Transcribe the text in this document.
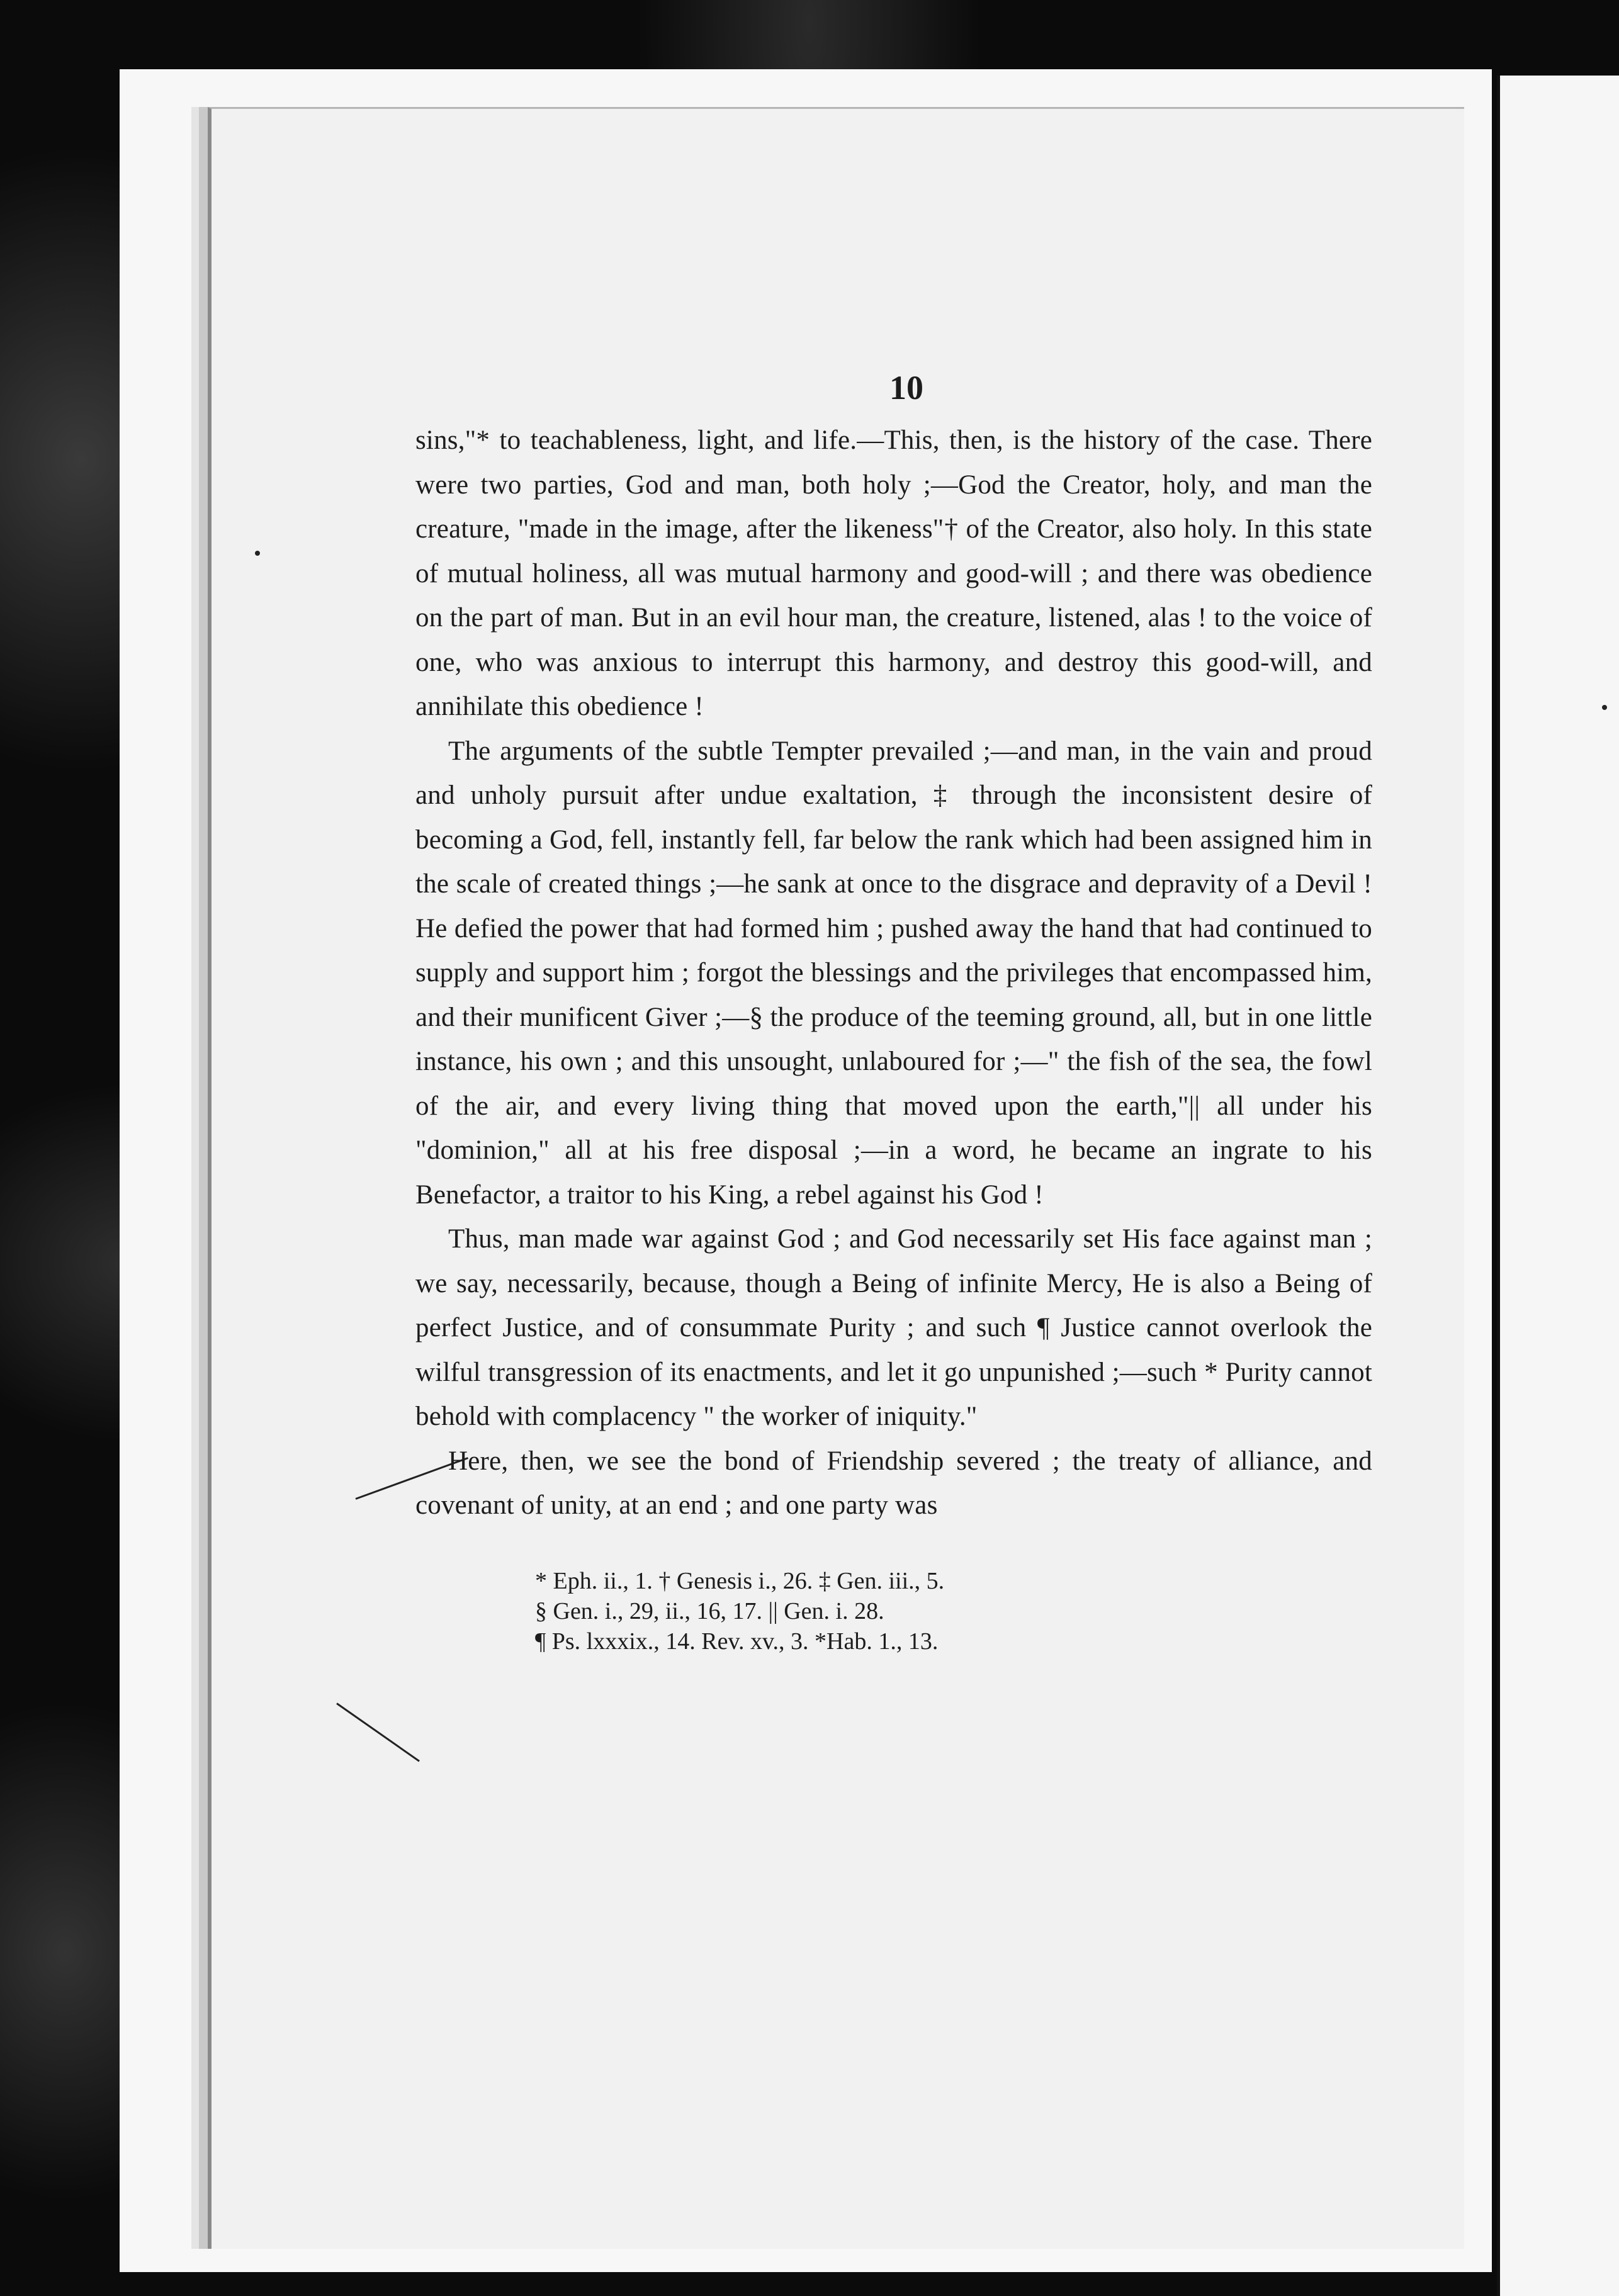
10

sins,"* to teachableness, light, and life.—This, then, is the history of the case. There were two parties, God and man, both holy ;—God the Creator, holy, and man the creature, "made in the image, after the likeness"† of the Creator, also holy. In this state of mutual holiness, all was mutual harmony and good-will ; and there was obedience on the part of man. But in an evil hour man, the creature, listened, alas ! to the voice of one, who was anxious to interrupt this harmony, and destroy this good-will, and annihilate this obedience !

The arguments of the subtle Tempter prevailed ;—and man, in the vain and proud and unholy pursuit after undue exaltation, ‡ through the inconsistent desire of becoming a God, fell, instantly fell, far below the rank which had been assigned him in the scale of created things ;—he sank at once to the disgrace and depravity of a Devil ! He defied the power that had formed him ; pushed away the hand that had continued to supply and support him ; forgot the blessings and the privileges that encompassed him, and their munificent Giver ;—§ the produce of the teeming ground, all, but in one little instance, his own ; and this unsought, unlaboured for ;—" the fish of the sea, the fowl of the air, and every living thing that moved upon the earth,"|| all under his "dominion," all at his free disposal ;—in a word, he became an ingrate to his Benefactor, a traitor to his King, a rebel against his God !

Thus, man made war against God ; and God necessarily set His face against man ; we say, necessarily, because, though a Being of infinite Mercy, He is also a Being of perfect Justice, and of consummate Purity ; and such ¶ Justice cannot overlook the wilful transgression of its enactments, and let it go unpunished ;—such * Purity cannot behold with complacency " the worker of iniquity."

Here, then, we see the bond of Friendship severed ; the treaty of alliance, and covenant of unity, at an end ; and one party was

* Eph. ii., 1. † Genesis i., 26. ‡ Gen. iii., 5.
§ Gen. i., 29, ii., 16, 17. || Gen. i. 28.
¶ Ps. lxxxix., 14. Rev. xv., 3. *Hab. 1., 13.
